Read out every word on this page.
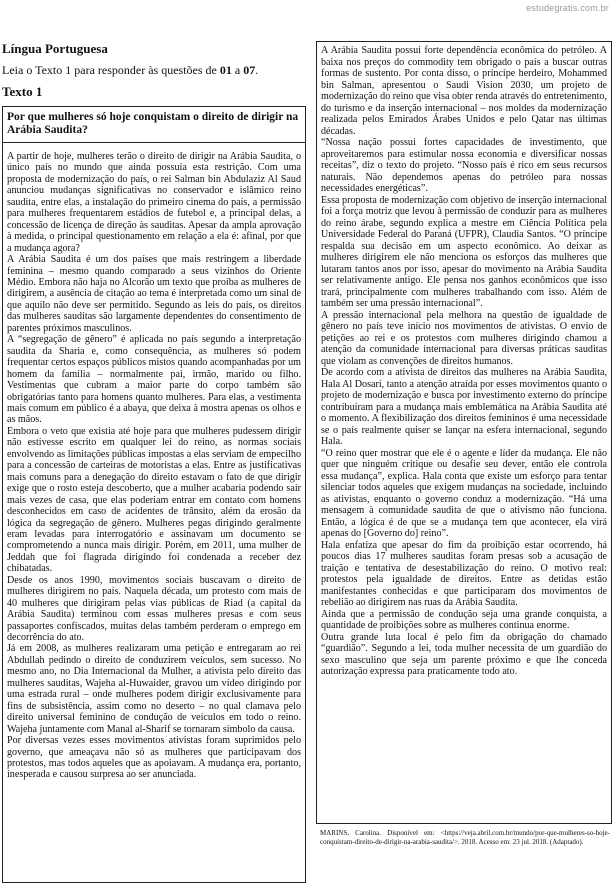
estudegratis.com.br
Língua Portuguesa
Leia o Texto 1 para responder às questões de 01 a 07.
Texto 1
Por que mulheres só hoje conquistam o direito de dirigir na Arábia Saudita?

A partir de hoje, mulheres terão o direito de dirigir na Arábia Saudita, o único país no mundo que ainda possuía esta restrição. Com uma proposta de modernização do país, o rei Salman bin Abdulaziz Al Saud anunciou mudanças significativas no conservador e islâmico reino saudita, entre elas, a instalação do primeiro cinema do país, a permissão para mulheres frequentarem estádios de futebol e, a principal delas, a concessão de licença de direção às sauditas. Apesar da ampla aprovação à medida, o principal questionamento em relação a ela é: afinal, por que a mudança agora?

A Arábia Saudita é um dos países que mais restringem a liberdade feminina – mesmo quando comparado a seus vizinhos do Oriente Médio. Embora não haja no Alcorão um texto que proíba as mulheres de dirigirem, a ausência de citação ao tema é interpretada como um sinal de que aquilo não deve ser permitido. Segundo as leis do país, os direitos das mulheres sauditas são largamente dependentes do consentimento de parentes próximos masculinos.

A “segregação de gênero” é aplicada no país segundo a interpretação saudita da Sharia e, como consequência, as mulheres só podem frequentar certos espaços públicos mistos quando acompanhadas por um homem da família – normalmente pai, irmão, marido ou filho. Vestimentas que cubram a maior parte do corpo também são obrigatórias tanto para homens quanto mulheres. Para elas, a vestimenta mais comum em público é a abaya, que deixa à mostra apenas os olhos e as mãos.

Embora o veto que existia até hoje para que mulheres pudessem dirigir não estivesse escrito em qualquer lei do reino, as normas sociais envolvendo as limitações públicas impostas a elas serviam de empecilho para a concessão de carteiras de motoristas a elas. Entre as justificativas mais comuns para a denegação do direito estavam o fato de que dirigir exige que o rosto esteja descoberto, que a mulher acabaria podendo sair mais vezes de casa, que elas poderiam entrar em contato com homens desconhecidos em caso de acidentes de trânsito, além da erosão da lógica da segregação de gênero. Mulheres pegas dirigindo geralmente eram levadas para interrogatório e assinavam um documento se comprometendo a nunca mais dirigir. Porém, em 2011, uma mulher de Jeddah que foi flagrada dirigindo foi condenada a receber dez chibatadas.

Desde os anos 1990, movimentos sociais buscavam o direito de mulheres dirigirem no país. Naquela década, um protesto com mais de 40 mulheres que dirigiram pelas vias públicas de Riad (a capital da Arábia Saudita) terminou com essas mulheres presas e com seus passaportes confiscados, muitas delas também perderam o emprego em decorrência do ato.

Já em 2008, as mulheres realizaram uma petição e entregaram ao rei Abdullah pedindo o direito de conduzirem veículos, sem sucesso. No mesmo ano, no Dia Internacional da Mulher, a ativista pelo direito das mulheres sauditas, Wajeha al-Huwaider, gravou um vídeo dirigindo por uma estrada rural – onde mulheres podem dirigir exclusivamente para fins de subsistência, assim como no deserto – no qual clamava pelo direito universal feminino de condução de veículos em todo o reino. Wajeha juntamente com Manal al-Sharif se tornaram símbolo da causa.

Por diversas vezes esses movimentos ativistas foram suprimidos pelo governo, que ameaçava não só as mulheres que participavam dos protestos, mas todos aqueles que as apoiavam. A mudança era, portanto, inesperada e causou surpresa ao ser anunciada.

A Arábia Saudita possui forte dependência econômica do petróleo. A baixa nos preços do commodity tem obrigado o país a buscar outras formas de sustento. Por conta disso, o príncipe herdeiro, Mohammed bin Salman, apresentou o Saudi Vision 2030, um projeto de modernização do reino que visa obter renda através do entretenimento, do turismo e da inserção internacional – nos moldes da modernização realizada pelos Emirados Árabes Unidos e pelo Qatar nas últimas décadas.

“Nossa nação possui fortes capacidades de investimento, que aproveitaremos para estimular nossa economia e diversificar nossas receitas”, diz o texto do projeto. “Nosso país é rico em seus recursos naturais. Não dependemos apenas do petróleo para nossas necessidades energéticas”.

Essa proposta de modernização com objetivo de inserção internacional foi a força motriz que levou à permissão de conduzir para as mulheres do reino árabe, segundo explica a mestre em Ciência Política pela Universidade Federal do Paraná (UFPR), Claudia Santos. “O príncipe respalda sua decisão em um aspecto econômico. Ao deixar as mulheres dirigirem ele não menciona os esforços das mulheres que lutaram tantos anos por isso, apesar do movimento na Arábia Saudita ser relativamente antigo. Ele pensa nos ganhos econômicos que isso trará, principalmente com mulheres trabalhando com isso. Além de também ser uma pressão internacional”.

A pressão internacional pela melhora na questão de igualdade de gênero no país teve início nos movimentos de ativistas. O envio de petições ao rei e os protestos com mulheres dirigindo chamou a atenção da comunidade internacional para diversas práticas sauditas que violam as convenções de direitos humanos.

De acordo com a ativista de direitos das mulheres na Arábia Saudita, Hala Al Dosari, tanto a atenção atraída por esses movimentos quanto o projeto de modernização e busca por investimento externo do príncipe contribuíram para a mudança mais emblemática na Arábia Saudita até o momento. A flexibilização dos direitos femininos é uma necessidade se o país realmente quiser se lançar na esfera internacional, segundo Hala.

“O reino quer mostrar que ele é o agente e líder da mudança. Ele não quer que ninguém critique ou desafie seu dever, então ele controla essa mudança”, explica. Hala conta que existe um esforço para tentar silenciar todos aqueles que exigem mudanças na sociedade, incluindo as ativistas, enquanto o governo conduz a modernização. “Há uma mensagem à comunidade saudita de que o ativismo não funciona. Então, a lógica é de que se a mudança tem que acontecer, ela virá apenas do [Governo do] reino”.

Hala enfatiza que apesar do fim da proibição estar ocorrendo, há poucos dias 17 mulheres sauditas foram presas sob a acusação de traição e tentativa de desestabilização do reino. O motivo real: protestos pela igualdade de direitos. Entre as detidas estão manifestantes conhecidas e que participaram dos movimentos de rebelião ao dirigirem nas ruas da Arábia Saudita.

Ainda que a permissão de condução seja uma grande conquista, a quantidade de proibições sobre as mulheres continua enorme.

Outra grande luta local é pelo fim da obrigação do chamado “guardião”. Segundo a lei, toda mulher necessita de um guardião do sexo masculino que seja um parente próximo e que lhe conceda autorização expressa para praticamente todo ato.

MARINS, Carolina. Disponível em: <https://veja.abril.com.br/mundo/por-que-mulheres-so-hoje-conquistam-direito-de-dirigir-na-arabia-saudita/>. 2018. Acesso em: 23 jul. 2018. (Adaptado).
